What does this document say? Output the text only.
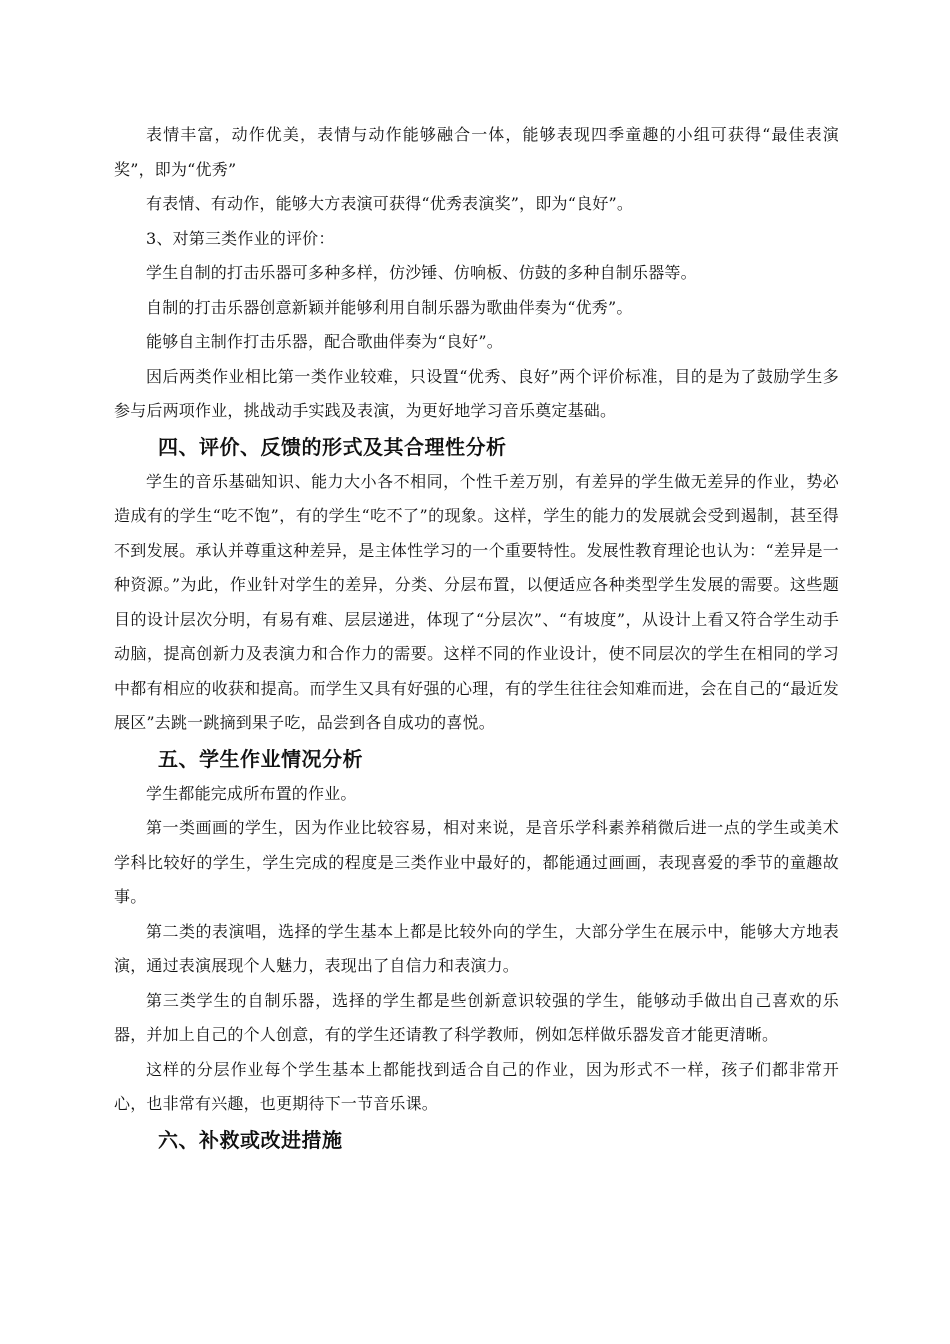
表情丰富，动作优美，表情与动作能够融合一体，能够表现四季童趣的小组可获得“最佳表演奖”，即为“优秀”

有表情、有动作，能够大方表演可获得“优秀表演奖”，即为“良好”。

3、对第三类作业的评价：

学生自制的打击乐器可多种多样，仿沙锤、仿响板、仿鼓的多种自制乐器等。

自制的打击乐器创意新颖并能够利用自制乐器为歌曲伴奏为“优秀”。

能够自主制作打击乐器，配合歌曲伴奏为“良好”。

因后两类作业相比第一类作业较难，只设置“优秀、良好”两个评价标准，目的是为了鼓励学生多参与后两项作业，挑战动手实践及表演，为更好地学习音乐奠定基础。

四、评价、反馈的形式及其合理性分析

学生的音乐基础知识、能力大小各不相同，个性千差万别，有差异的学生做无差异的作业，势必造成有的学生“吃不饱”，有的学生“吃不了”的现象。这样，学生的能力的发展就会受到遏制，甚至得不到发展。承认并尊重这种差异，是主体性学习的一个重要特性。发展性教育理论也认为：“差异是一种资源。”为此，作业针对学生的差异，分类、分层布置，以便适应各种类型学生发展的需要。这些题目的设计层次分明，有易有难、层层递进，体现了“分层次”、“有坡度”，从设计上看又符合学生动手动脑，提高创新力及表演力和合作力的需要。这样不同的作业设计，使不同层次的学生在相同的学习中都有相应的收获和提高。而学生又具有好强的心理，有的学生往往会知难而进，会在自己的“最近发展区”去跳一跳摘到果子吃，品尝到各自成功的喜悦。

五、学生作业情况分析

学生都能完成所布置的作业。

第一类画画的学生，因为作业比较容易，相对来说，是音乐学科素养稍微后进一点的学生或美术学科比较好的学生，学生完成的程度是三类作业中最好的，都能通过画画，表现喜爱的季节的童趣故事。

第二类的表演唱，选择的学生基本上都是比较外向的学生，大部分学生在展示中，能够大方地表演，通过表演展现个人魅力，表现出了自信力和表演力。

第三类学生的自制乐器，选择的学生都是些创新意识较强的学生，能够动手做出自己喜欢的乐器，并加上自己的个人创意，有的学生还请教了科学教师，例如怎样做乐器发音才能更清晰。

这样的分层作业每个学生基本上都能找到适合自己的作业，因为形式不一样，孩子们都非常开心，也非常有兴趣，也更期待下一节音乐课。

六、补救或改进措施
